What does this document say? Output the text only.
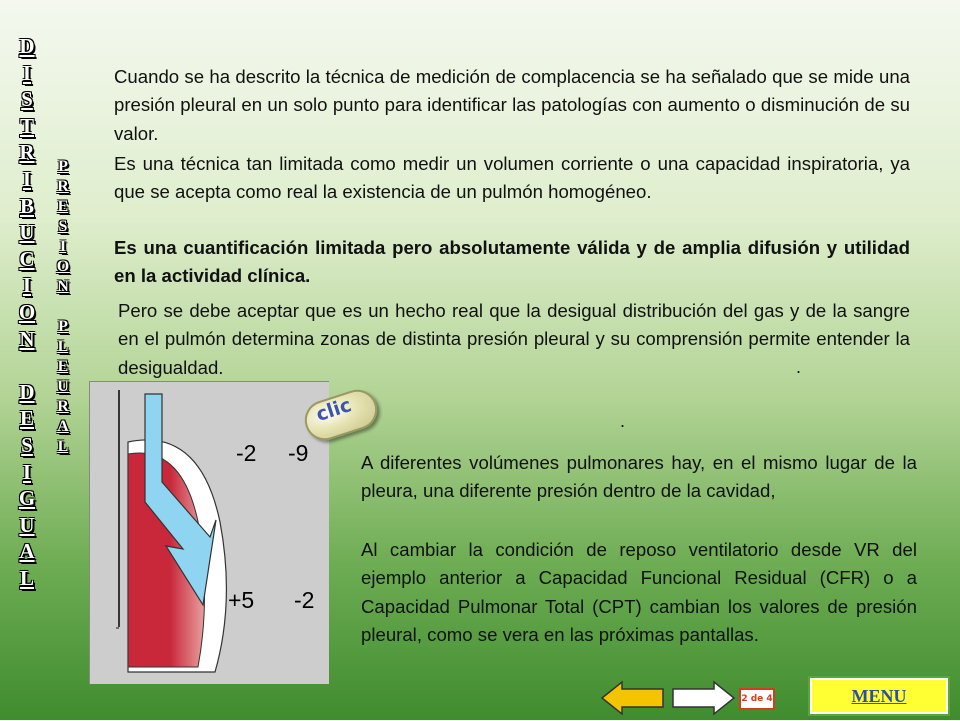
D
I
S
T
R
I
B
U
C
I
O
N
D
E
S
I
G
U
A
L
P
R
E
S
I
O
N
P
L
E
U
R
A
L

Cuando se ha descrito la técnica de medición de complacencia se ha señalado que se mide una presión pleural en un solo punto para identificar las patologías con aumento o disminución de su valor.

Es una técnica tan limitada como medir un volumen corriente o una capacidad inspiratoria, ya que se acepta como real la existencia de un pulmón homogéneo.

Es una cuantificación limitada pero absolutamente válida y de amplia difusión y utilidad en la actividad clínica.

Pero se debe aceptar que es un hecho real que la desigual distribución del gas y de la sangre en el pulmón determina zonas de distinta presión pleural y su comprensión permite entender la desigualdad.	.
.
-2 -9
+5 -2
clic

A diferentes volúmenes pulmonares hay, en el mismo lugar de la pleura, una diferente presión dentro de la cavidad,

Al cambiar la condición de reposo ventilatorio desde VR del ejemplo anterior a Capacidad Funcional Residual (CFR) o a Capacidad Pulmonar Total (CPT) cambian los valores de presión pleural, como se vera en las próximas pantallas.

2 de 4	MENU
